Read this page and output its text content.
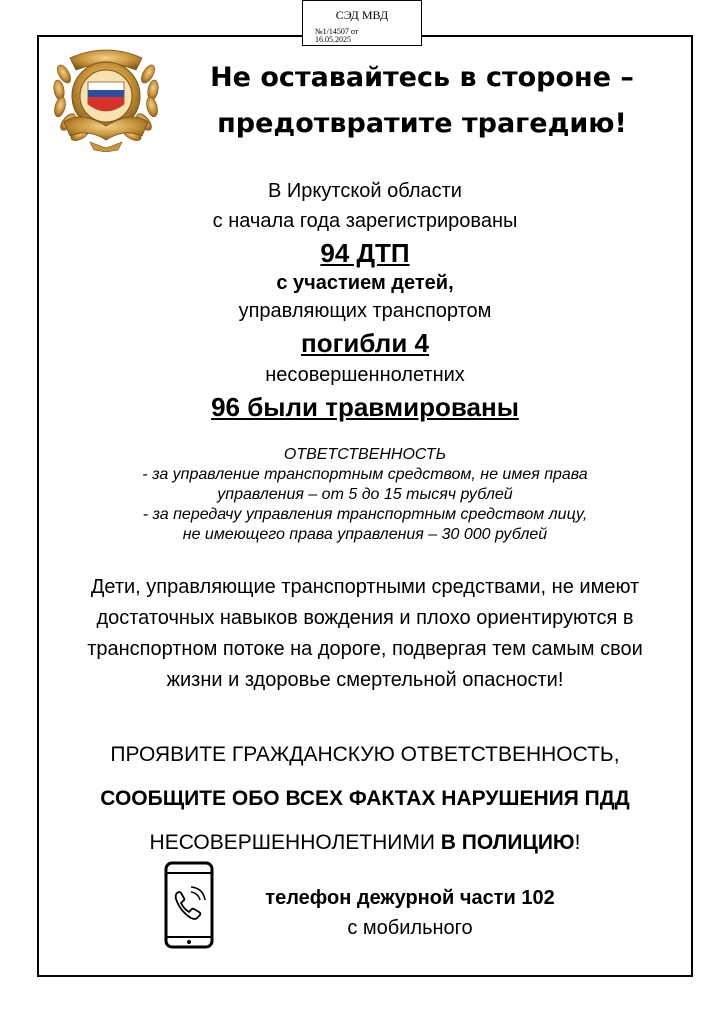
СЭД МВД
№1/14507 от
16.05.2025
Не оставайтесь в стороне –
предотвратите трагедию!
В Иркутской области
с начала года зарегистрированы
94 ДТП
с участием детей,
управляющих транспортом
погибли 4
несовершеннолетних
96 были травмированы
ОТВЕТСТВЕННОСТЬ
- за управление транспортным средством, не имея права
управления – от 5 до 15 тысяч рублей
- за передачу управления транспортным средством лицу,
не имеющего права управления – 30 000 рублей
Дети, управляющие транспортными средствами, не имеют
достаточных навыков вождения и плохо ориентируются в
транспортном потоке на дороге, подвергая тем самым свои
жизни и здоровье смертельной опасности!
ПРОЯВИТЕ ГРАЖДАНСКУЮ ОТВЕТСТВЕННОСТЬ,
СООБЩИТЕ ОБО ВСЕХ ФАКТАХ НАРУШЕНИЯ ПДД
НЕСОВЕРШЕННОЛЕТНИМИ В ПОЛИЦИЮ!
телефон дежурной части 102
с мобильного
